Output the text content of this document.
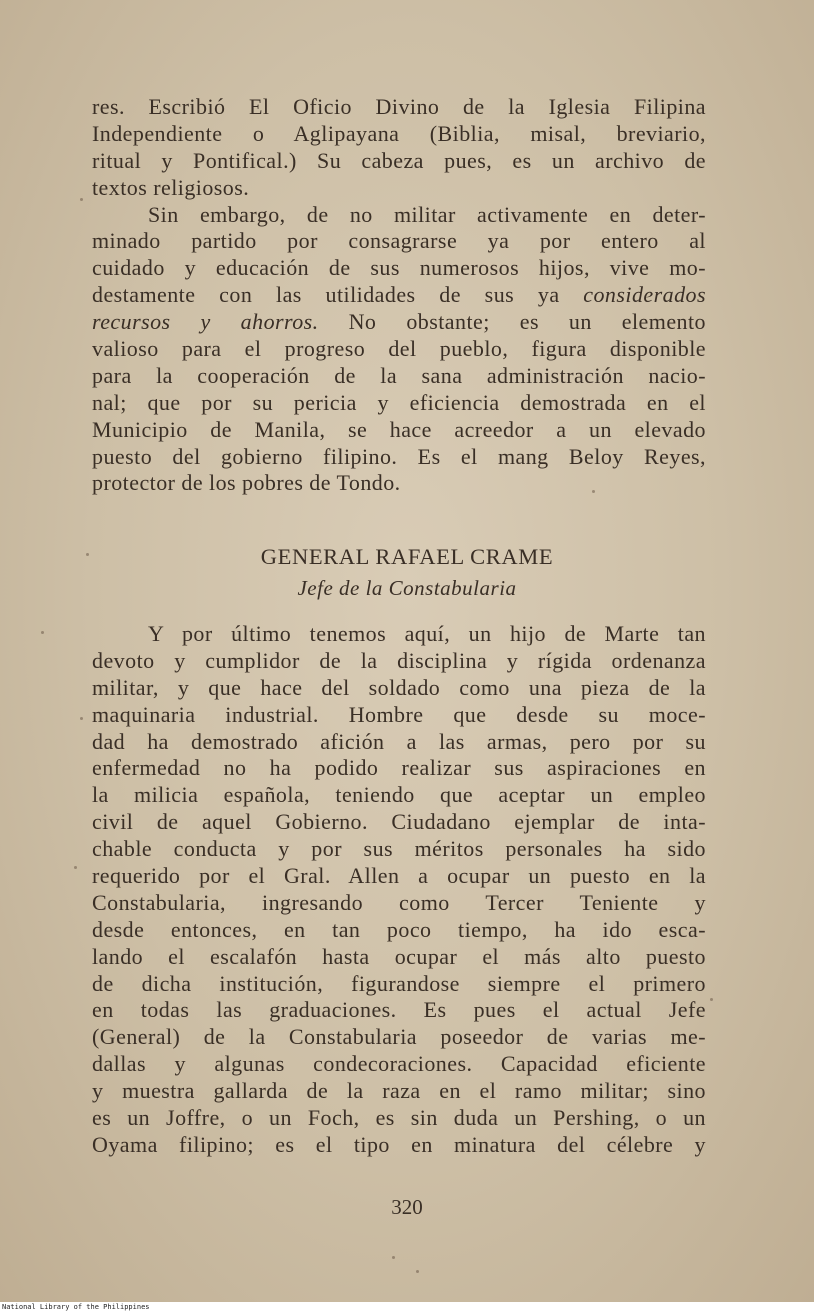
res. Escribió El Oficio Divino de la Iglesia Filipina
Independiente o Aglipayana (Biblia, misal, breviario,
ritual y Pontifical.) Su cabeza pues, es un archivo de
textos religiosos.
Sin embargo, de no militar activamente en deter-
minado partido por consagrarse ya por entero al
cuidado y educación de sus numerosos hijos, vive mo-
destamente con las utilidades de sus ya considerados
recursos y ahorros. No obstante; es un elemento
valioso para el progreso del pueblo, figura disponible
para la cooperación de la sana administración nacio-
nal; que por su pericia y eficiencia demostrada en el
Municipio de Manila, se hace acreedor a un elevado
puesto del gobierno filipino. Es el mang Beloy Reyes,
protector de los pobres de Tondo.
GENERAL RAFAEL CRAME
Jefe de la Constabularia
Y por último tenemos aquí, un hijo de Marte tan
devoto y cumplidor de la disciplina y rígida ordenanza
militar, y que hace del soldado como una pieza de la
maquinaria industrial. Hombre que desde su moce-
dad ha demostrado afición a las armas, pero por su
enfermedad no ha podido realizar sus aspiraciones en
la milicia española, teniendo que aceptar un empleo
civil de aquel Gobierno. Ciudadano ejemplar de inta-
chable conducta y por sus méritos personales ha sido
requerido por el Gral. Allen a ocupar un puesto en la
Constabularia, ingresando como Tercer Teniente y
desde entonces, en tan poco tiempo, ha ido esca-
lando el escalafón hasta ocupar el más alto puesto
de dicha institución, figurandose siempre el primero
en todas las graduaciones. Es pues el actual Jefe
(General) de la Constabularia poseedor de varias me-
dallas y algunas condecoraciones. Capacidad eficiente
y muestra gallarda de la raza en el ramo militar; sino
es un Joffre, o un Foch, es sin duda un Pershing, o un
Oyama filipino; es el tipo en minatura del célebre y
320
National Library of the Philippines
